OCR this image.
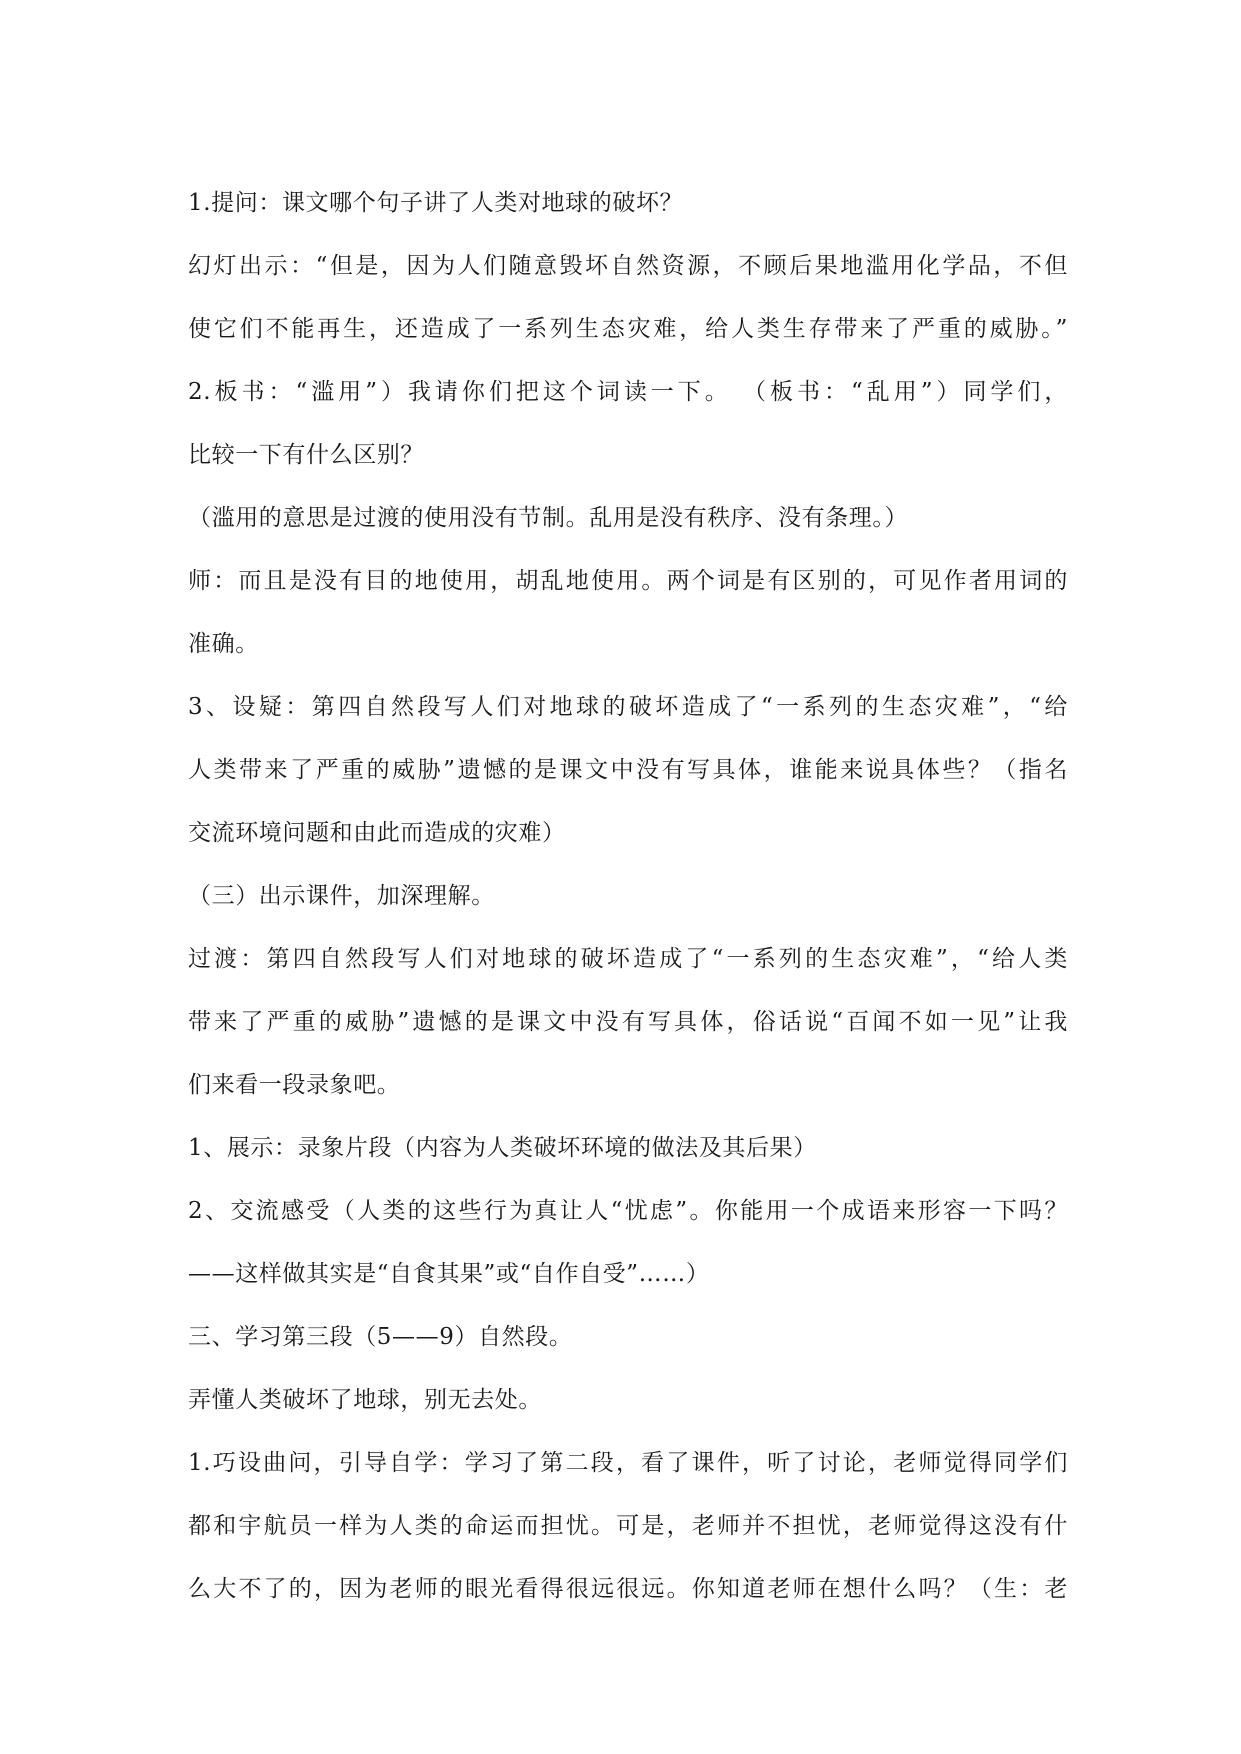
1.提问：课文哪个句子讲了人类对地球的破坏？
幻灯出示：“但是，因为人们随意毁坏自然资源，不顾后果地滥用化学品，不但
使它们不能再生，还造成了一系列生态灾难，给人类生存带来了严重的威胁。”
2.板书：“滥用”）我请你们把这个词读一下。 （板书：“乱用”）同学们，
比较一下有什么区别？
（滥用的意思是过渡的使用没有节制。乱用是没有秩序、没有条理。）
师：而且是没有目的地使用，胡乱地使用。两个词是有区别的，可见作者用词的
准确。
3、设疑：第四自然段写人们对地球的破坏造成了“一系列的生态灾难”，“给
人类带来了严重的威胁”遗憾的是课文中没有写具体，谁能来说具体些？（指名
交流环境问题和由此而造成的灾难）
（三）出示课件，加深理解。
过渡：第四自然段写人们对地球的破坏造成了“一系列的生态灾难”，“给人类
带来了严重的威胁”遗憾的是课文中没有写具体，俗话说“百闻不如一见”让我
们来看一段录象吧。
1、展示：录象片段（内容为人类破坏环境的做法及其后果）
2、交流感受（人类的这些行为真让人“忧虑”。你能用一个成语来形容一下吗？
——这样做其实是“自食其果”或“自作自受”……）
三、学习第三段（5——9）自然段。
弄懂人类破坏了地球，别无去处。
1.巧设曲问，引导自学：学习了第二段，看了课件，听了讨论，老师觉得同学们
都和宇航员一样为人类的命运而担忧。可是，老师并不担忧，老师觉得这没有什
么大不了的，因为老师的眼光看得很远很远。你知道老师在想什么吗？（生：老
